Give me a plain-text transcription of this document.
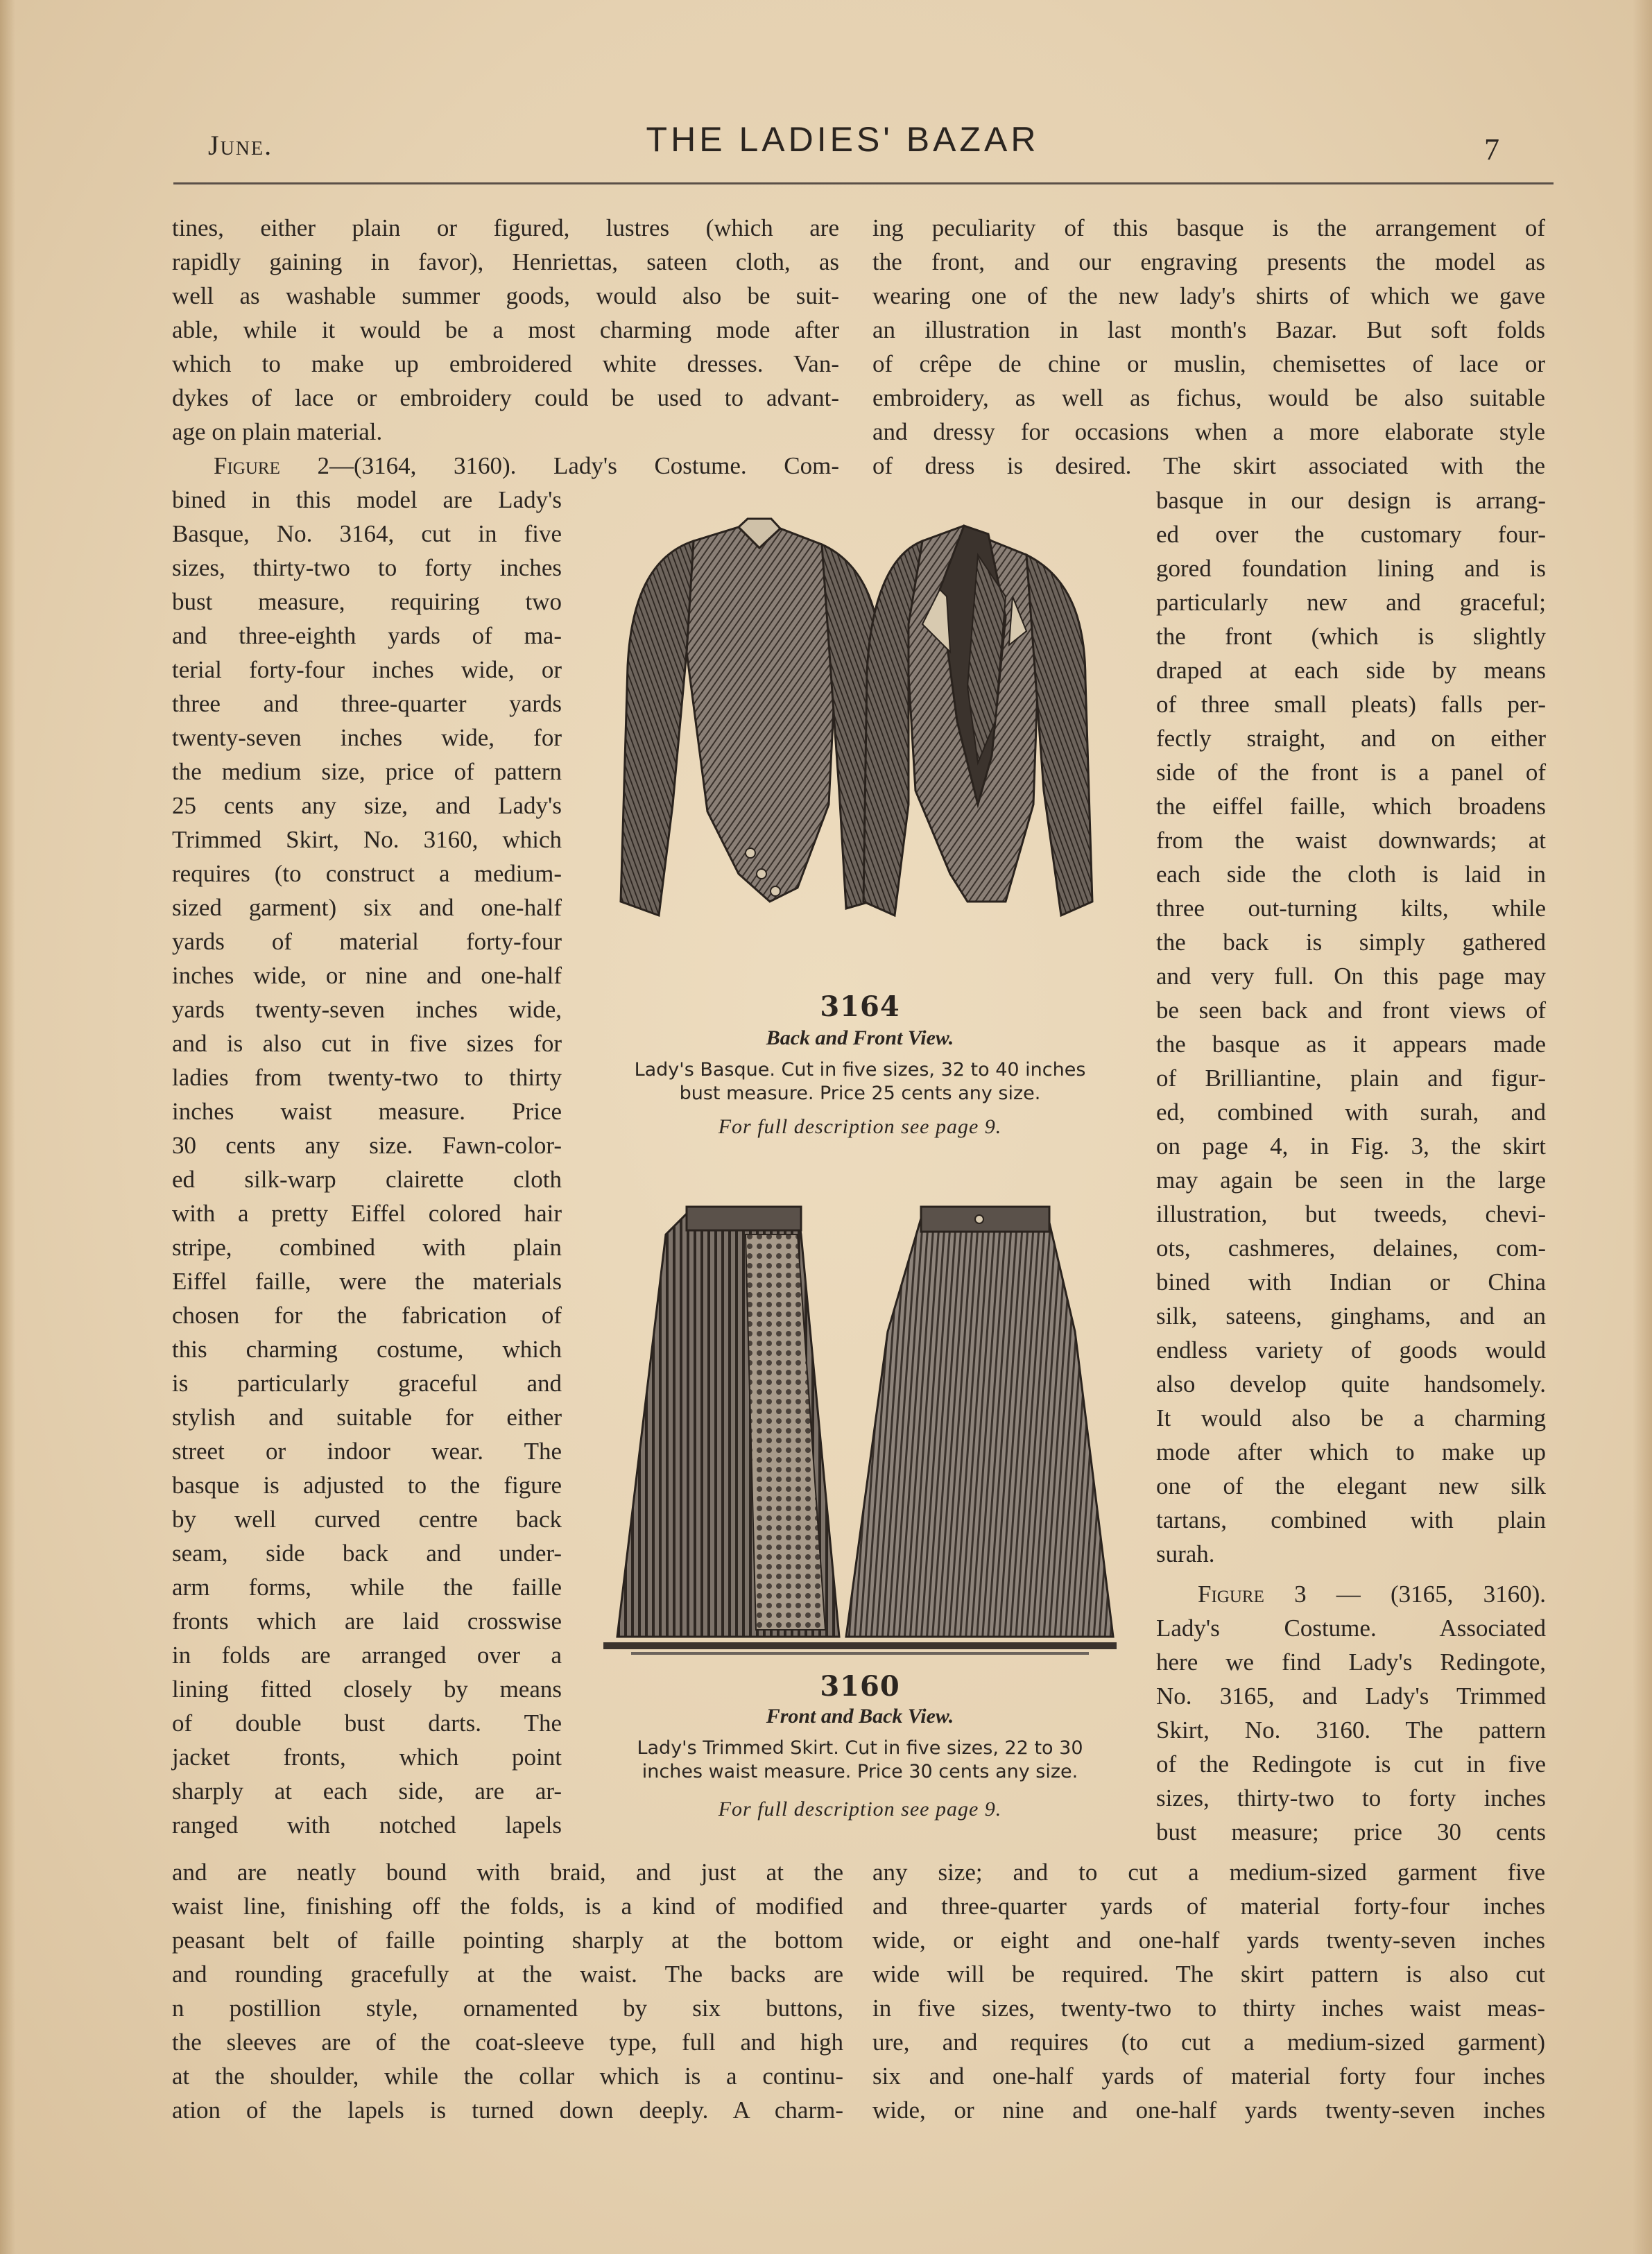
June.	THE LADIES' BAZAR	7
tines, either plain or figured, lustres (which are
rapidly gaining in favor), Henriettas, sateen cloth, as
well as washable summer goods, would also be suit-
able, while it would be a most charming mode after
which to make up embroidered white dresses. Van-
dykes of lace or embroidery could be used to advant-
age on plain material.
Figure 2—(3164, 3160). Lady's Costume. Com-
bined in this model are Lady's
Basque, No. 3164, cut in five
sizes, thirty-two to forty inches
bust measure, requiring two
and three-eighth yards of ma-
terial forty-four inches wide, or
three and three-quarter yards
twenty-seven inches wide, for
the medium size, price of pattern
25 cents any size, and Lady's
Trimmed Skirt, No. 3160, which
requires (to construct a medium-
sized garment) six and one-half
yards of material forty-four
inches wide, or nine and one-half
yards twenty-seven inches wide,
and is also cut in five sizes for
ladies from twenty-two to thirty
inches waist measure. Price
30 cents any size. Fawn-color-
ed silk-warp clairette cloth
with a pretty Eiffel colored hair
stripe, combined with plain
Eiffel faille, were the materials
chosen for the fabrication of
this charming costume, which
is particularly graceful and
stylish and suitable for either
street or indoor wear. The
basque is adjusted to the figure
by well curved centre back
seam, side back and under-
arm forms, while the faille
fronts which are laid crosswise
in folds are arranged over a
lining fitted closely by means
of double bust darts. The
jacket fronts, which point
sharply at each side, are ar-
ranged with notched lapels
and are neatly bound with braid, and just at the
waist line, finishing off the folds, is a kind of modified
peasant belt of faille pointing sharply at the bottom
and rounding gracefully at the waist. The backs are
n postillion style, ornamented by six buttons,
the sleeves are of the coat-sleeve type, full and high
at the shoulder, while the collar which is a continu-
ation of the lapels is turned down deeply. A charm-
ing peculiarity of this basque is the arrangement of
the front, and our engraving presents the model as
wearing one of the new lady's shirts of which we gave
an illustration in last month's Bazar. But soft folds
of crêpe de chine or muslin, chemisettes of lace or
embroidery, as well as fichus, would be also suitable
and dressy for occasions when a more elaborate style
of dress is desired. The skirt associated with the
basque in our design is arrang-
ed over the customary four-
gored foundation lining and is
particularly new and graceful;
the front (which is slightly
draped at each side by means
of three small pleats) falls per-
fectly straight, and on either
side of the front is a panel of
the eiffel faille, which broadens
from the waist downwards; at
each side the cloth is laid in
three out-turning kilts, while
the back is simply gathered
and very full. On this page may
be seen back and front views of
the basque as it appears made
of Brilliantine, plain and figur-
ed, combined with surah, and
on page 4, in Fig. 3, the skirt
may again be seen in the large
illustration, but tweeds, chevi-
ots, cashmeres, delaines, com-
bined with Indian or China
silk, sateens, ginghams, and an
endless variety of goods would
also develop quite handsomely.
It would also be a charming
mode after which to make up
one of the elegant new silk
tartans, combined with plain
surah.
Figure 3 — (3165, 3160).
Lady's Costume. Associated
here we find Lady's Redingote,
No. 3165, and Lady's Trimmed
Skirt, No. 3160. The pattern
of the Redingote is cut in five
sizes, thirty-two to forty inches
bust measure; price 30 cents
any size; and to cut a medium-sized garment five
and three-quarter yards of material forty-four inches
wide, or eight and one-half yards twenty-seven inches
wide will be required. The skirt pattern is also cut
in five sizes, twenty-two to thirty inches waist meas-
ure, and requires (to cut a medium-sized garment)
six and one-half yards of material forty four inches
wide, or nine and one-half yards twenty-seven inches
3164
Back and Front View.
Lady's Basque. Cut in five sizes, 32 to 40 inches
bust measure. Price 25 cents any size.
For full description see page 9.
3160
Front and Back View.
Lady's Trimmed Skirt. Cut in five sizes, 22 to 30
inches waist measure. Price 30 cents any size.
For full description see page 9.
